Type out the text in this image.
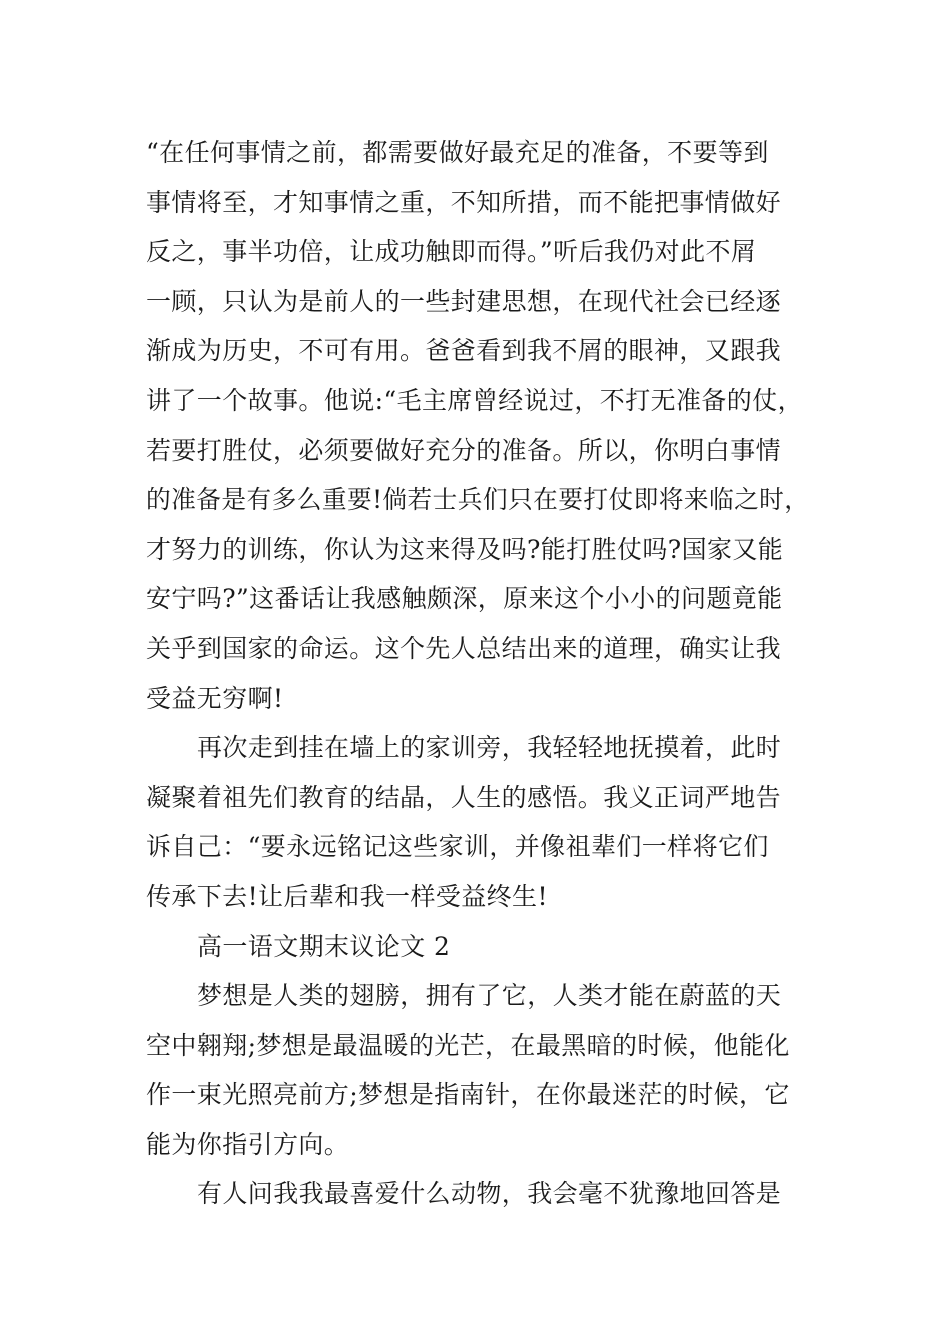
“在任何事情之前，都需要做好最充足的准备，不要等到
事情将至，才知事情之重，不知所措，而不能把事情做好
反之，事半功倍，让成功触即而得。”听后我仍对此不屑
一顾，只认为是前人的一些封建思想，在现代社会已经逐
渐成为历史，不可有用。爸爸看到我不屑的眼神，又跟我
讲了一个故事。他说:“毛主席曾经说过，不打无准备的仗，
若要打胜仗，必须要做好充分的准备。所以，你明白事情
的准备是有多么重要!倘若士兵们只在要打仗即将来临之时，
才努力的训练，你认为这来得及吗?能打胜仗吗?国家又能
安宁吗?”这番话让我感触颇深，原来这个小小的问题竟能
关乎到国家的命运。这个先人总结出来的道理，确实让我
受益无穷啊!
再次走到挂在墙上的家训旁，我轻轻地抚摸着，此时
凝聚着祖先们教育的结晶，人生的感悟。我义正词严地告
诉自己：“要永远铭记这些家训，并像祖辈们一样将它们
传承下去!让后辈和我一样受益终生!
高一语文期末议论文 2
梦想是人类的翅膀，拥有了它，人类才能在蔚蓝的天
空中翱翔;梦想是最温暖的光芒，在最黑暗的时候，他能化
作一束光照亮前方;梦想是指南针，在你最迷茫的时候，它
能为你指引方向。
有人问我我最喜爱什么动物，我会毫不犹豫地回答是
